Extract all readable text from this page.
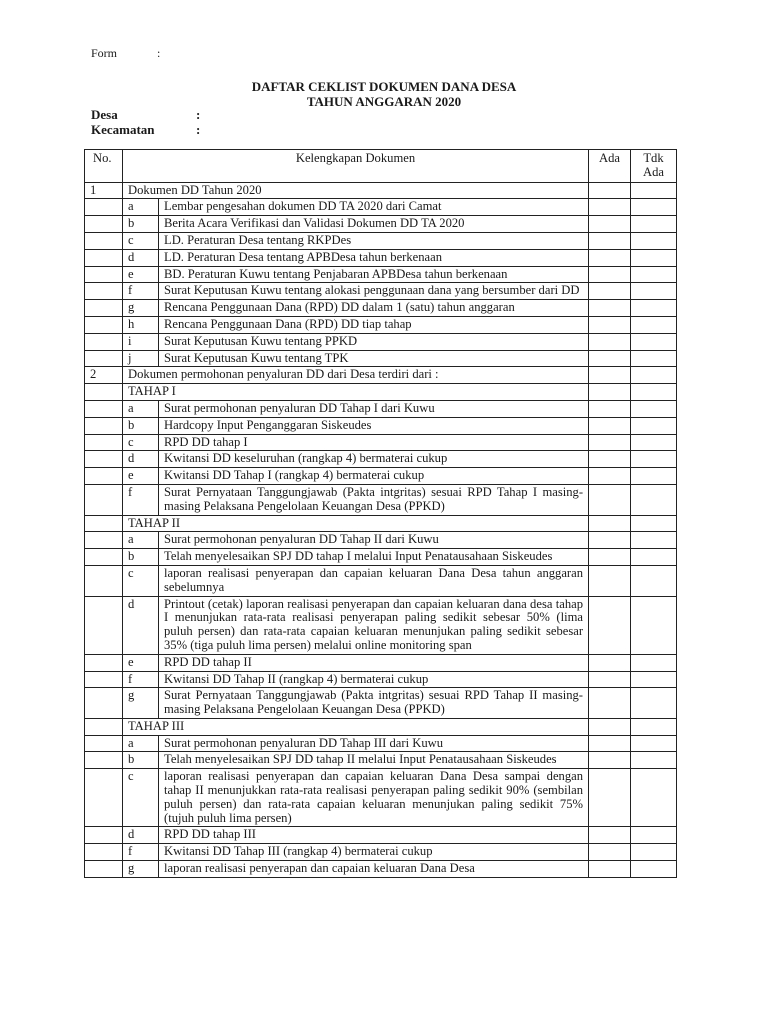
Form	:
DAFTAR CEKLIST DOKUMEN DANA DESA
TAHUN ANGGARAN 2020
Desa	:
Kecamatan	:
No.	Kelengkapan Dokumen		Ada	Tdk Ada
1	Dokumen DD Tahun 2020			
	a	Lembar pengesahan dokumen DD TA 2020 dari Camat		
	b	Berita Acara Verifikasi dan Validasi Dokumen DD TA 2020		
	c	LD. Peraturan Desa tentang RKPDes		
	d	LD. Peraturan Desa tentang APBDesa tahun berkenaan		
	e	BD. Peraturan Kuwu tentang Penjabaran APBDesa tahun berkenaan		
	f	Surat Keputusan Kuwu tentang alokasi penggunaan dana yang bersumber dari DD		
	g	Rencana Penggunaan Dana (RPD) DD dalam 1 (satu) tahun anggaran		
	h	Rencana Penggunaan Dana (RPD) DD tiap tahap		
	i	Surat Keputusan Kuwu tentang PPKD		
	j	Surat Keputusan Kuwu tentang TPK		
2	Dokumen permohonan penyaluran DD dari Desa terdiri dari :			
	TAHAP I			
	a	Surat permohonan penyaluran DD Tahap I dari Kuwu		
	b	Hardcopy Input Penganggaran Siskeudes		
	c	RPD DD tahap I		
	d	Kwitansi DD keseluruhan (rangkap 4) bermaterai cukup		
	e	Kwitansi DD Tahap I (rangkap 4) bermaterai cukup		
	f	Surat Pernyataan Tanggungjawab (Pakta intgritas) sesuai RPD Tahap I masing-masing Pelaksana Pengelolaan Keuangan Desa (PPKD)		
	TAHAP II			
	a	Surat permohonan penyaluran DD Tahap II dari Kuwu		
	b	Telah menyelesaikan SPJ DD tahap I melalui Input Penatausahaan Siskeudes		
	c	laporan realisasi penyerapan dan capaian keluaran Dana Desa tahun anggaran sebelumnya		
	d	Printout (cetak) laporan realisasi penyerapan dan capaian keluaran dana desa tahap I menunjukan rata-rata realisasi penyerapan paling sedikit sebesar 50% (lima puluh persen) dan rata-rata capaian keluaran menunjukan paling sedikit sebesar 35% (tiga puluh lima persen) melalui online monitoring span		
	e	RPD DD tahap II		
	f	Kwitansi DD Tahap II (rangkap 4) bermaterai cukup		
	g	Surat Pernyataan Tanggungjawab (Pakta intgritas) sesuai RPD Tahap II masing-masing Pelaksana Pengelolaan Keuangan Desa (PPKD)		
	TAHAP III			
	a	Surat permohonan penyaluran DD Tahap III dari Kuwu		
	b	Telah menyelesaikan SPJ DD tahap II melalui Input Penatausahaan Siskeudes		
	c	laporan realisasi penyerapan dan capaian keluaran Dana Desa sampai dengan tahap II menunjukkan rata-rata realisasi penyerapan paling sedikit 90% (sembilan puluh persen) dan rata-rata capaian keluaran menunjukan paling sedikit 75% (tujuh puluh lima persen)		
	d	RPD DD tahap III		
	f	Kwitansi DD Tahap III (rangkap 4) bermaterai cukup		
	g	laporan realisasi penyerapan dan capaian keluaran Dana Desa		
